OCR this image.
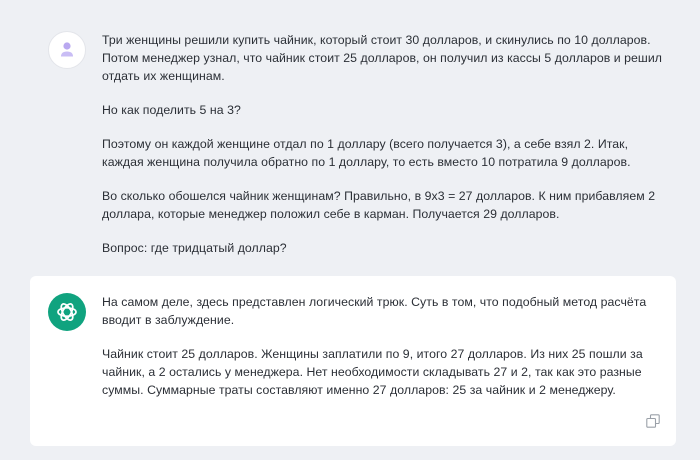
Три женщины решили купить чайник, который стоит 30 долларов, и скинулись по 10 долларов. Потом менеджер узнал, что чайник стоит 25 долларов, он получил из кассы 5 долларов и решил отдать их женщинам.

Но как поделить 5 на 3?

Поэтому он каждой женщине отдал по 1 доллару (всего получается 3), а себе взял 2. Итак, каждая женщина получила обратно по 1 доллару, то есть вместо 10 потратила 9 долларов.

Во сколько обошелся чайник женщинам? Правильно, в 9x3 = 27 долларов. К ним прибавляем 2 доллара, которые менеджер положил себе в карман. Получается 29 долларов.

Вопрос: где тридцатый доллар?

На самом деле, здесь представлен логический трюк. Суть в том, что подобный метод расчёта вводит в заблуждение.

Чайник стоит 25 долларов. Женщины заплатили по 9, итого 27 долларов. Из них 25 пошли за чайник, а 2 остались у менеджера. Нет необходимости складывать 27 и 2, так как это разные суммы. Суммарные траты составляют именно 27 долларов: 25 за чайник и 2 менеджеру.
